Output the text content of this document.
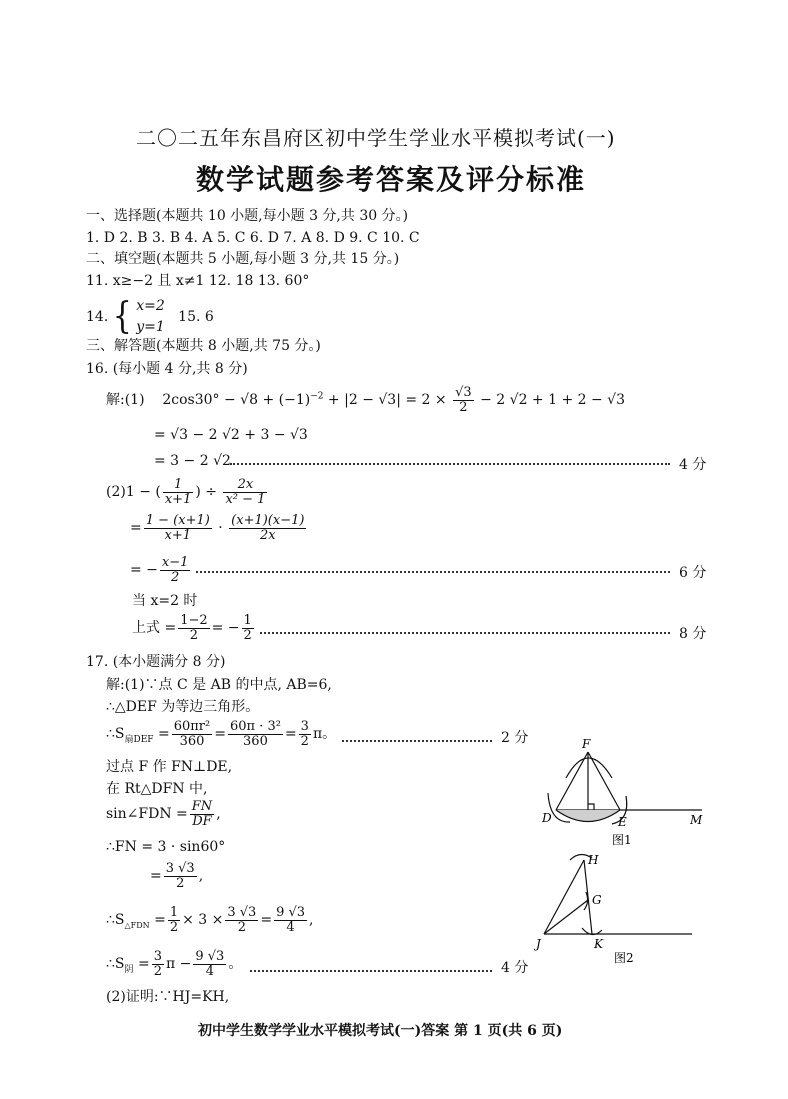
二〇二五年东昌府区初中学生学业水平模拟考试(一)
数学试题参考答案及评分标准
一、选择题(本题共 10 小题,每小题 3 分,共 30 分。)
1. D 2. B 3. B 4. A 5. C 6. D 7. A 8. D 9. C 10. C
二、填空题(本题共 5 小题,每小题 3 分,共 15 分。)
11. x≥−2 且 x≠1 12. 18 13. 60°
14. { x=2
y=1   15. 6
三、解答题(本题共 8 小题,共 75 分。)
16. (每小题 4 分,共 8 分)
解:(1) $2\cos 30^\circ - √8 + (-1)^{-2} + |2 - √3| = 2 \times \frac{√3}{2} - 2$ √2 + 1 + 2 − √3
= √3 − 2 √2 + 3 − √3
= 3 − 2 √2	4 分
(2)1 − ( $\frac{1}{x+1}$ ) ÷ $\frac{2x}{\text{x² − 1}}$
= $\frac{1 - (x+1)}{x+1} \cdot \frac{(x+1)(x-1)}{2x}$
= − $\frac{x-1}{2}$	6 分
当 x=2 时
上式 = $\frac{1-2}{2}$ = − $\frac{1}{2}$	8 分
17. (本小题满分 8 分)
解:(1)∵点 C 是 AB 的中点, AB=6,
∴△DEF 为等边三角形。
$\therefore S_{扇DEF} = \frac{\text{60πr²}}{360} = \frac{\text{60π · 3²}}{360} = \frac{3}{2}$ π。	2 分
过点 F 作 FN⊥DE,
在 Rt△DFN 中,
sin∠FDN = $\frac{FN}{DF}$ ,
∴FN = 3 · sin60°
= $\frac{3 √3}{2}$ ,
$\therefore S_{\triangle FDN} = \frac{1}{2} \times 3 \times \frac{3 √3}{2} = \frac{9 √3}{4}$ ,
$\therefore S_阴 = \frac{3}{2}$ $\pi - \frac{9 √3}{4}$ 。	4 分
(2)证明:∵HJ=KH,
F
D	E	M
图1
H
G
J	K
图2
初中学生数学学业水平模拟考试(一)答案 第 1 页(共 6 页)
